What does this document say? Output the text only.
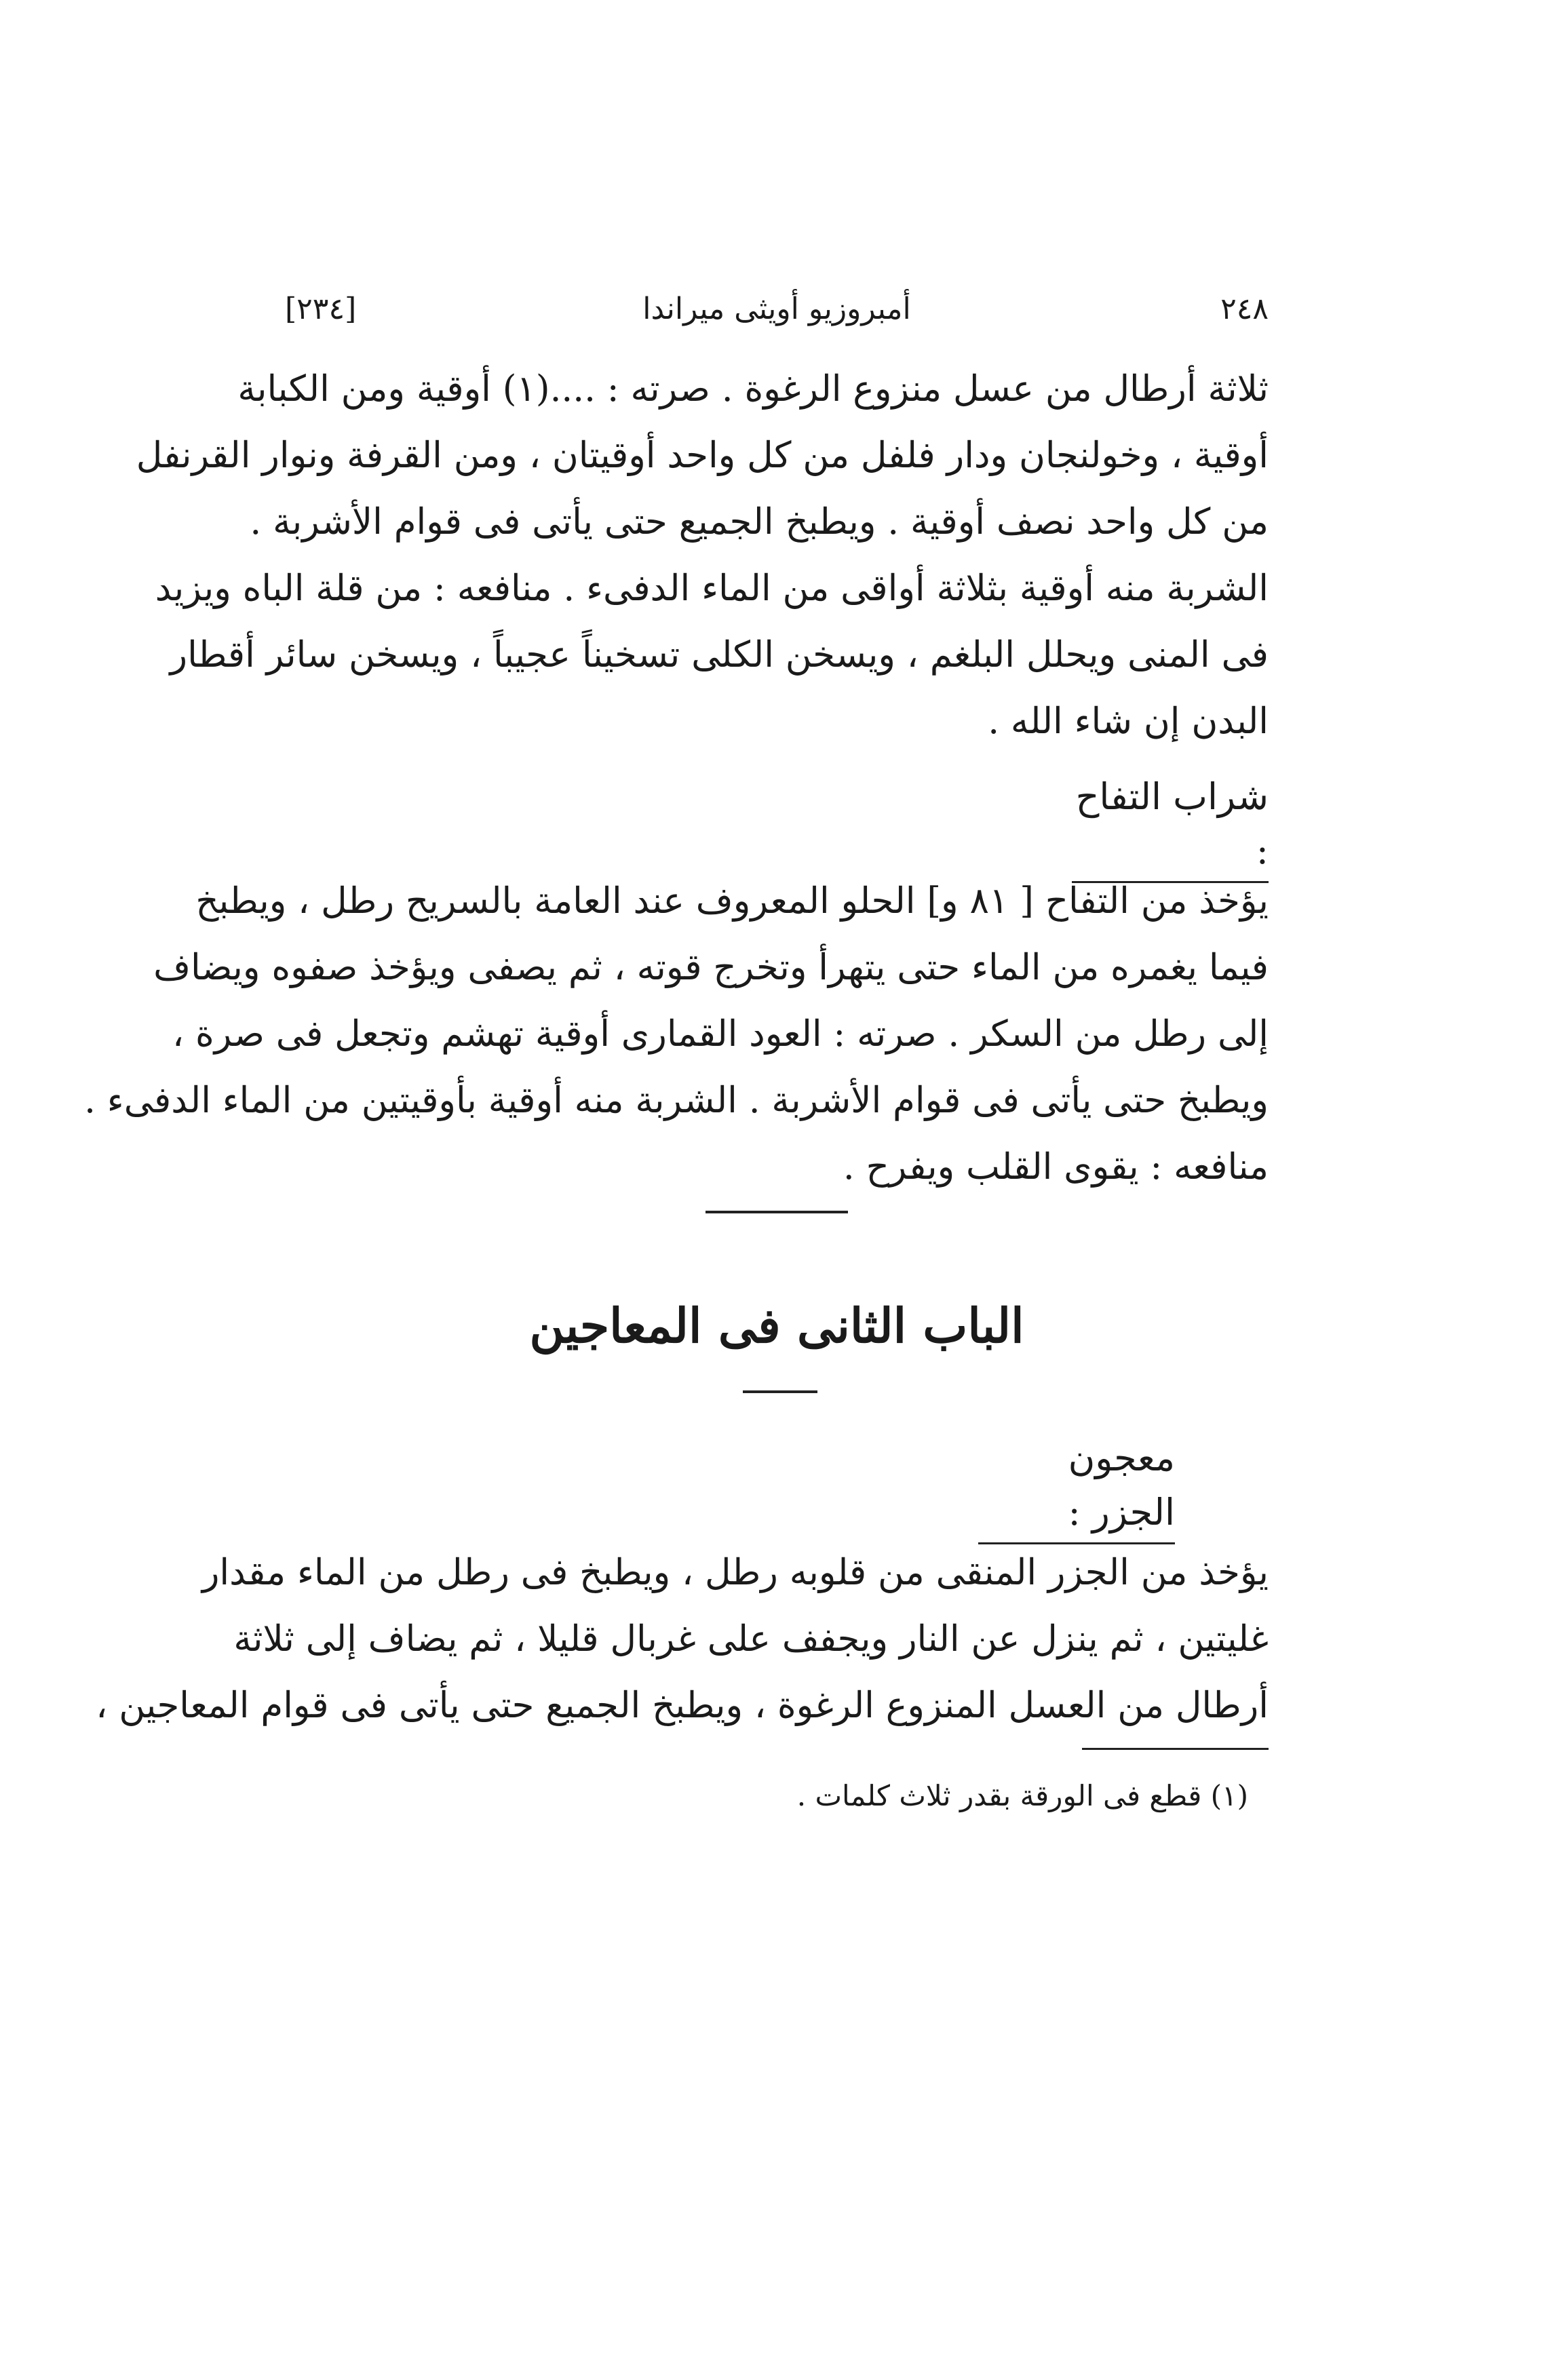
٢٤٨
أمبروزيو أويثى ميراندا
[٢٣٤]
ثلاثة أرطال من عسل منزوع الرغوة . صرته : ....(١) أوقية ومن الكبابة
أوقية ، وخولنجان ودار فلفل من كل واحد أوقيتان ، ومن القرفة ونوار القرنفل
من كل واحد نصف أوقية . ويطبخ الجميع حتى يأتى فى قوام الأشربة .
الشربة منه أوقية بثلاثة أواقى من الماء الدفىء . منافعه : من قلة الباه ويزيد
فى المنى ويحلل البلغم ، ويسخن الكلى تسخيناً عجيباً ، ويسخن سائر أقطار
البدن إن شاء الله .
شراب التفاح :
يؤخذ من التفاح [ ٨١ و] الحلو المعروف عند العامة بالسريح رطل ، ويطبخ
فيما يغمره من الماء حتى يتهرأ وتخرج قوته ، ثم يصفى ويؤخذ صفوه ويضاف
إلى رطل من السكر . صرته : العود القمارى أوقية تهشم وتجعل فى صرة ،
ويطبخ حتى يأتى فى قوام الأشربة . الشربة منه أوقية بأوقيتين من الماء الدفىء .
منافعه : يقوى القلب ويفرح .
الباب الثانى فى المعاجين
معجون الجزر :
يؤخذ من الجزر المنقى من قلوبه رطل ، ويطبخ فى رطل من الماء مقدار
غليتين ، ثم ينزل عن النار ويجفف على غربال قليلا ، ثم يضاف إلى ثلاثة
أرطال من العسل المنزوع الرغوة ، ويطبخ الجميع حتى يأتى فى قوام المعاجين ،
(١) قطع فى الورقة بقدر ثلاث كلمات .
